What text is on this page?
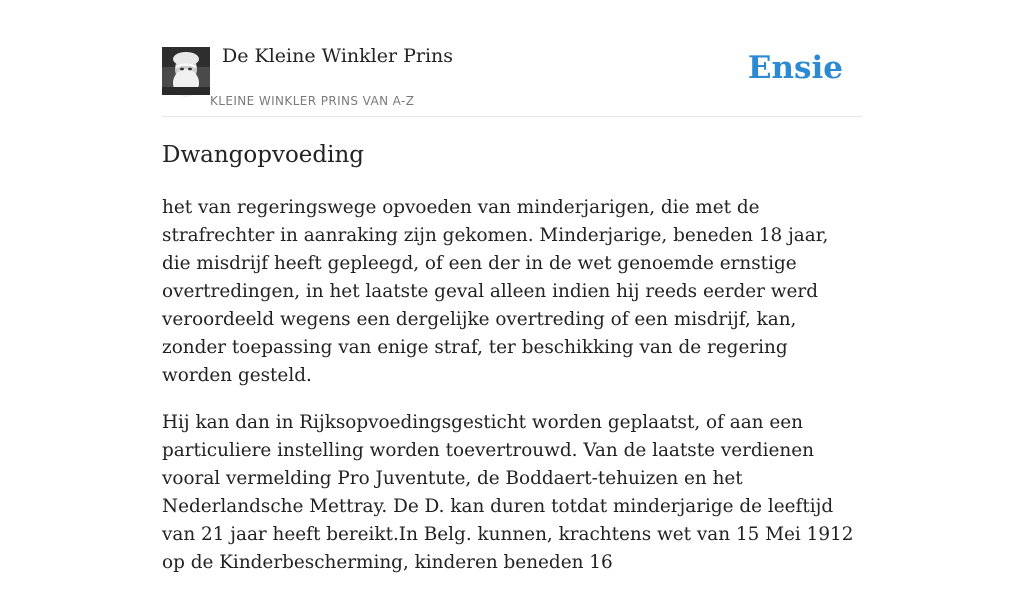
De Kleine Winkler Prins
KLEINE WINKLER PRINS VAN A-Z
Ensie
Dwangopvoeding

het van regeringswege opvoeden van minderjarigen, die met de strafrechter in aanraking zijn gekomen. Minderjarige, beneden 18 jaar, die misdrijf heeft gepleegd, of een der in de wet genoemde ernstige overtredingen, in het laatste geval alleen indien hij reeds eerder werd veroordeeld wegens een dergelijke overtreding of een misdrijf, kan, zonder toepassing van enige straf, ter beschikking van de regering worden gesteld.

Hij kan dan in Rijksopvoedingsgesticht worden geplaatst, of aan een particuliere instelling worden toevertrouwd. Van de laatste verdienen vooral vermelding Pro Juventute, de Boddaert-tehuizen en het Nederlandsche Mettray. De D. kan duren totdat minderjarige de leeftijd van 21 jaar heeft bereikt.In Belg. kunnen, krachtens wet van 15 Mei 1912 op de Kinderbescherming, kinderen beneden 16
